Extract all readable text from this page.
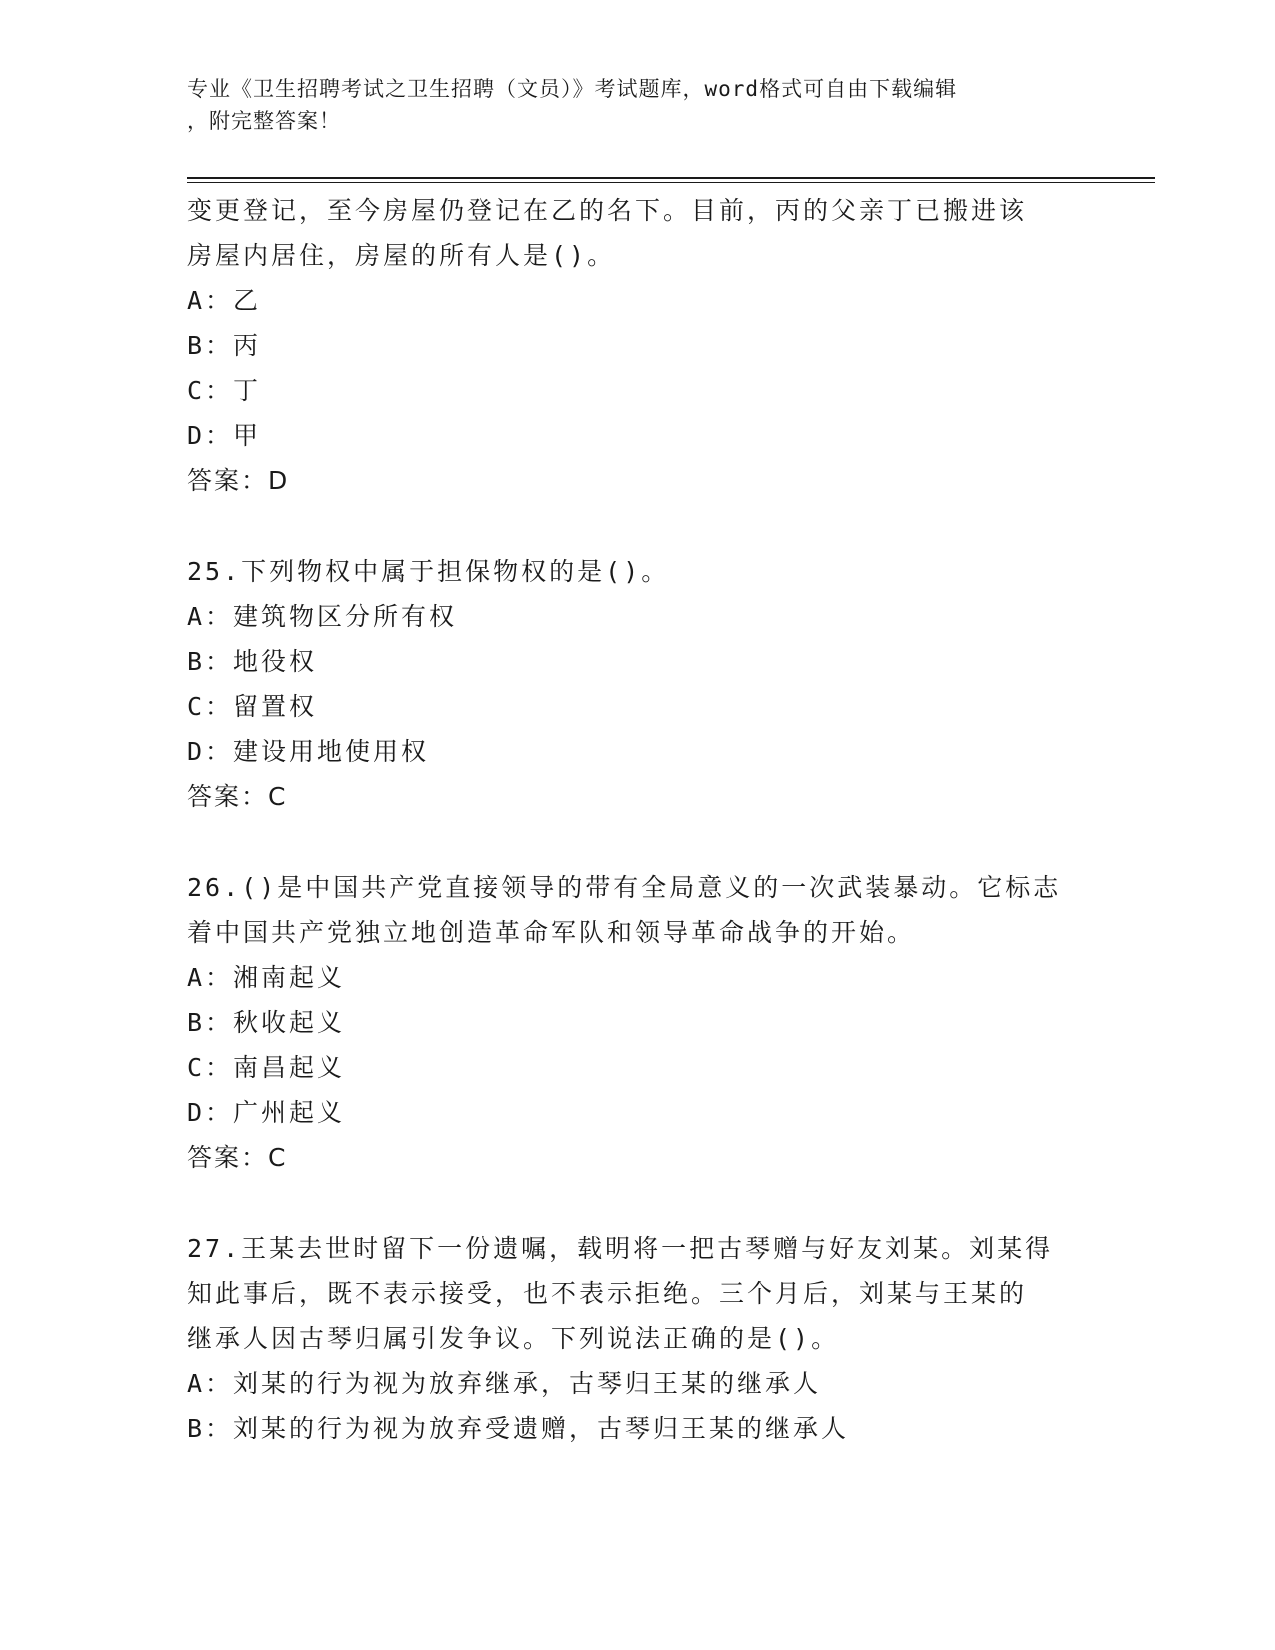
专业《卫生招聘考试之卫生招聘（文员）》考试题库，word格式可自由下载编辑
，附完整答案！
变更登记，至今房屋仍登记在乙的名下。目前，丙的父亲丁已搬进该
房屋内居住，房屋的所有人是()。
A：乙
B：丙
C：丁
D：甲
答案：D
25.下列物权中属于担保物权的是()。
A：建筑物区分所有权
B：地役权
C：留置权
D：建设用地使用权
答案：C
26.()是中国共产党直接领导的带有全局意义的一次武装暴动。它标志
着中国共产党独立地创造革命军队和领导革命战争的开始。
A：湘南起义
B：秋收起义
C：南昌起义
D：广州起义
答案：C
27.王某去世时留下一份遗嘱，载明将一把古琴赠与好友刘某。刘某得
知此事后，既不表示接受，也不表示拒绝。三个月后，刘某与王某的
继承人因古琴归属引发争议。下列说法正确的是()。
A：刘某的行为视为放弃继承，古琴归王某的继承人
B：刘某的行为视为放弃受遗赠，古琴归王某的继承人
